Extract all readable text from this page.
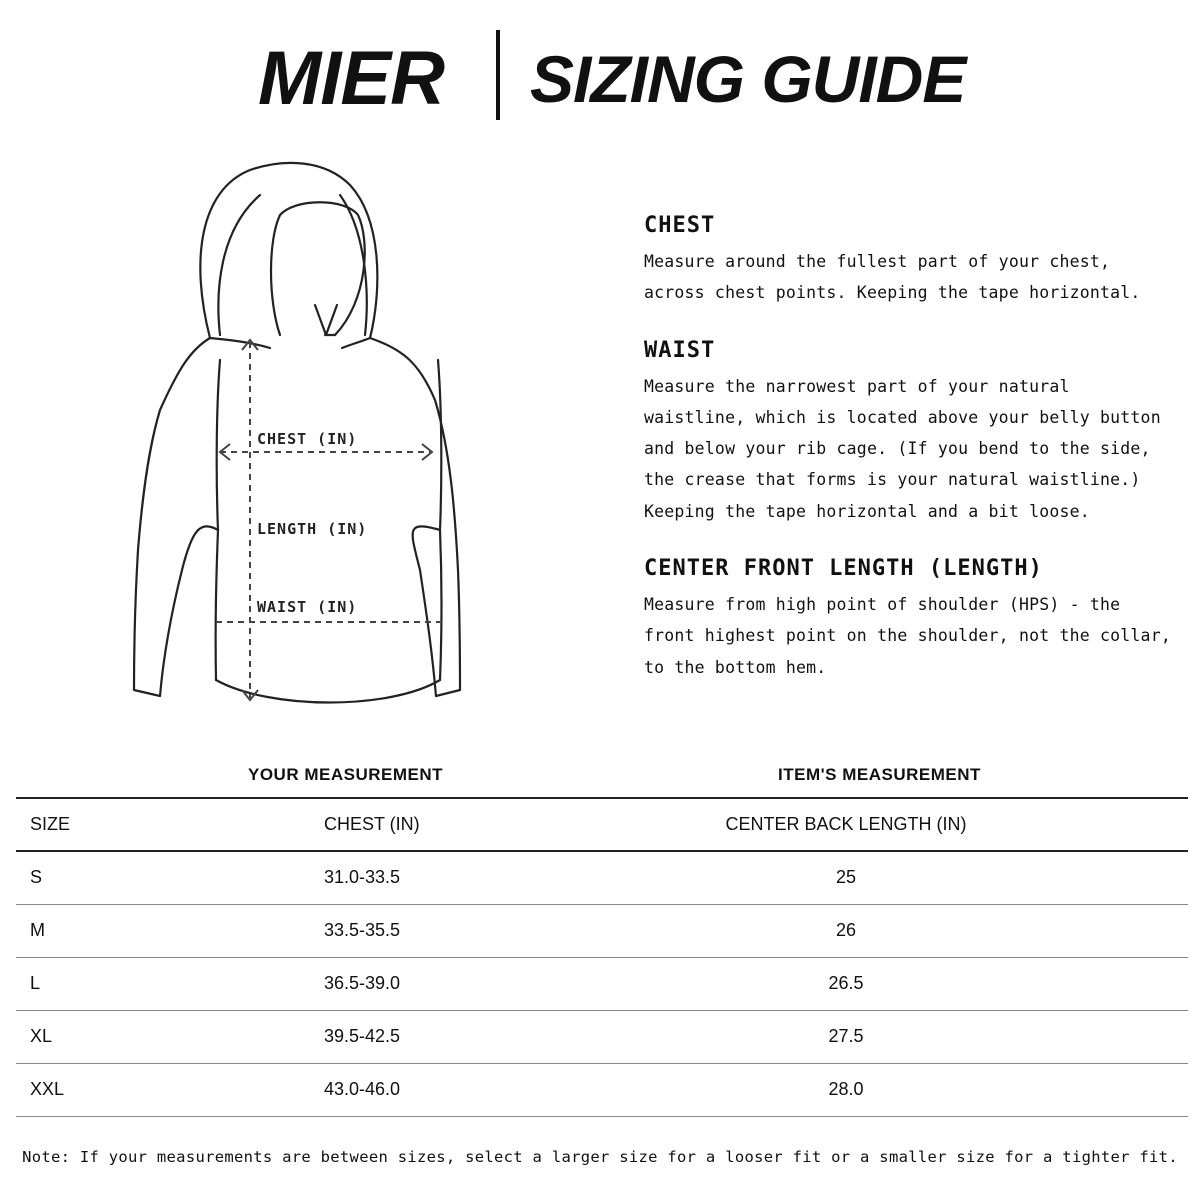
MIER SIZING GUIDE
CHEST (IN)
LENGTH (IN)
WAIST (IN)
CHEST
Measure around the fullest part of your chest,
across chest points. Keeping the tape horizontal.
WAIST
Measure the narrowest part of your natural
waistline, which is located above your belly button
and below your rib cage. (If you bend to the side,
the crease that forms is your natural waistline.)
Keeping the tape horizontal and a bit loose.
CENTER FRONT LENGTH (LENGTH)
Measure from high point of shoulder (HPS) - the
front highest point on the shoulder, not the collar,
to the bottom hem.
YOUR MEASUREMENT	ITEM'S MEASUREMENT
SIZE	CHEST (IN)	CENTER BACK LENGTH (IN)
S	31.0-33.5	25
M	33.5-35.5	26
L	36.5-39.0	26.5
XL	39.5-42.5	27.5
XXL	43.0-46.0	28.0
Note: If your measurements are between sizes, select a larger size for a looser fit or a smaller size for a tighter fit.
